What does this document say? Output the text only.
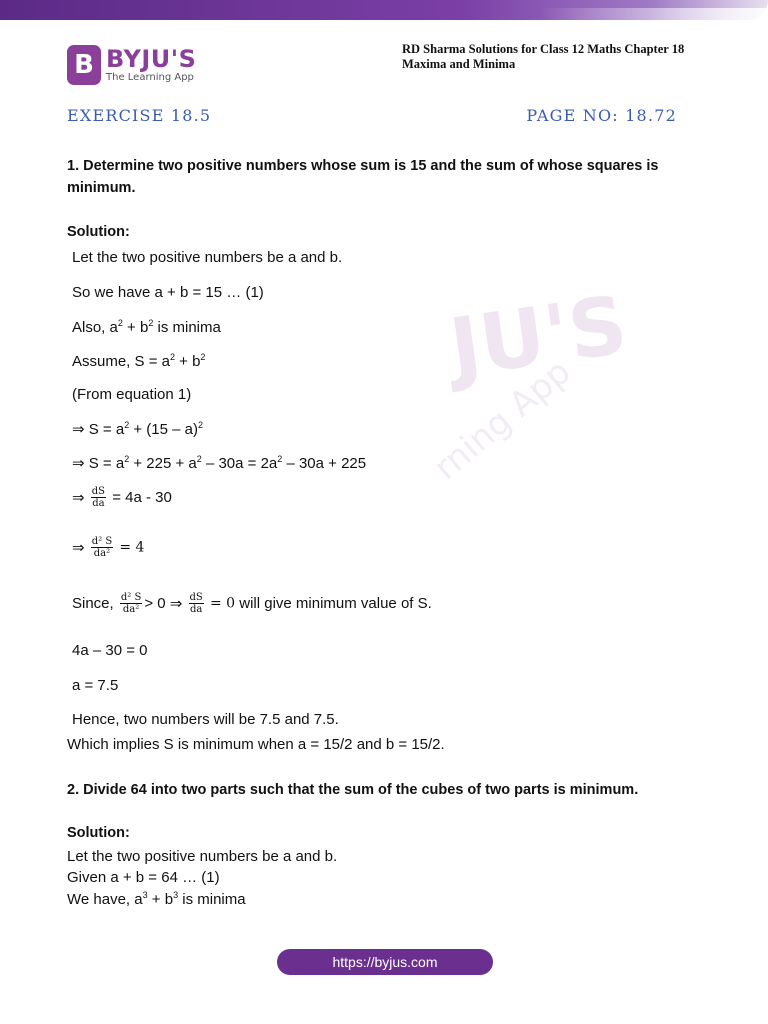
B BYJU'S
The Learning App
RD Sharma Solutions for Class 12 Maths Chapter 18
Maxima and Minima
EXERCISE 18.5	PAGE NO: 18.72
JU'S
rning App
1. Determine two positive numbers whose sum is 15 and the sum of whose squares is
minimum.
Solution:
Let the two positive numbers be a and b.
So we have a + b = 15 … (1)
Also, $a^2 + b^2$ is minima
Assume, $S = a^2 + b^2$
(From equation 1)
⇒ $S = a^2 + (15 - a)^2$
⇒ $S = a^2 + 225 + a^2 - 30a = 2a^2 - 30a + 225$
⇒ $\frac{dS}{da} = 4a - 30$
⇒ $\frac{\text{d² S}}{\text{da²}} = 4$
Since, $\frac{\text{d² S}}{\text{da²}} > 0$ ⇒ $\frac{dS}{da} = 0$ will give minimum value of S.
4a – 30 = 0
a = 7.5
Hence, two numbers will be 7.5 and 7.5.
Which implies S is minimum when a = 15/2 and b = 15/2.
2. Divide 64 into two parts such that the sum of the cubes of two parts is minimum.
Solution:
Let the two positive numbers be a and b.
Given a + b = 64 … (1)
We have, $a^3 + b^3$ is minima
https://byjus.com
